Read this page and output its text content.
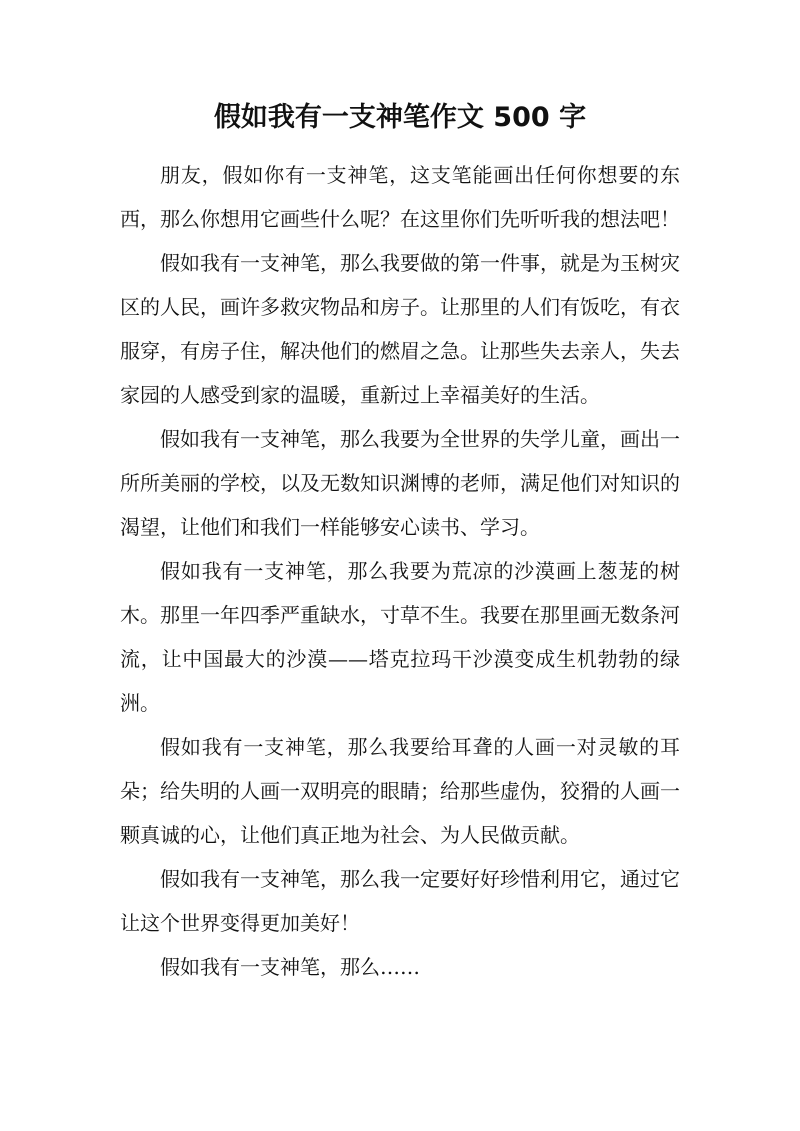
假如我有一支神笔作文 500 字

朋友，假如你有一支神笔，这支笔能画出任何你想要的东西，那么你想用它画些什么呢？在这里你们先听听我的想法吧！

假如我有一支神笔，那么我要做的第一件事，就是为玉树灾区的人民，画许多救灾物品和房子。让那里的人们有饭吃，有衣服穿，有房子住，解决他们的燃眉之急。让那些失去亲人，失去家园的人感受到家的温暖，重新过上幸福美好的生活。

假如我有一支神笔，那么我要为全世界的失学儿童，画出一所所美丽的学校，以及无数知识渊博的老师，满足他们对知识的渴望，让他们和我们一样能够安心读书、学习。

假如我有一支神笔，那么我要为荒凉的沙漠画上葱茏的树木。那里一年四季严重缺水，寸草不生。我要在那里画无数条河流，让中国最大的沙漠——塔克拉玛干沙漠变成生机勃勃的绿洲。

假如我有一支神笔，那么我要给耳聋的人画一对灵敏的耳朵；给失明的人画一双明亮的眼睛；给那些虚伪，狡猾的人画一颗真诚的心，让他们真正地为社会、为人民做贡献。

假如我有一支神笔，那么我一定要好好珍惜利用它，通过它让这个世界变得更加美好！

假如我有一支神笔，那么……
